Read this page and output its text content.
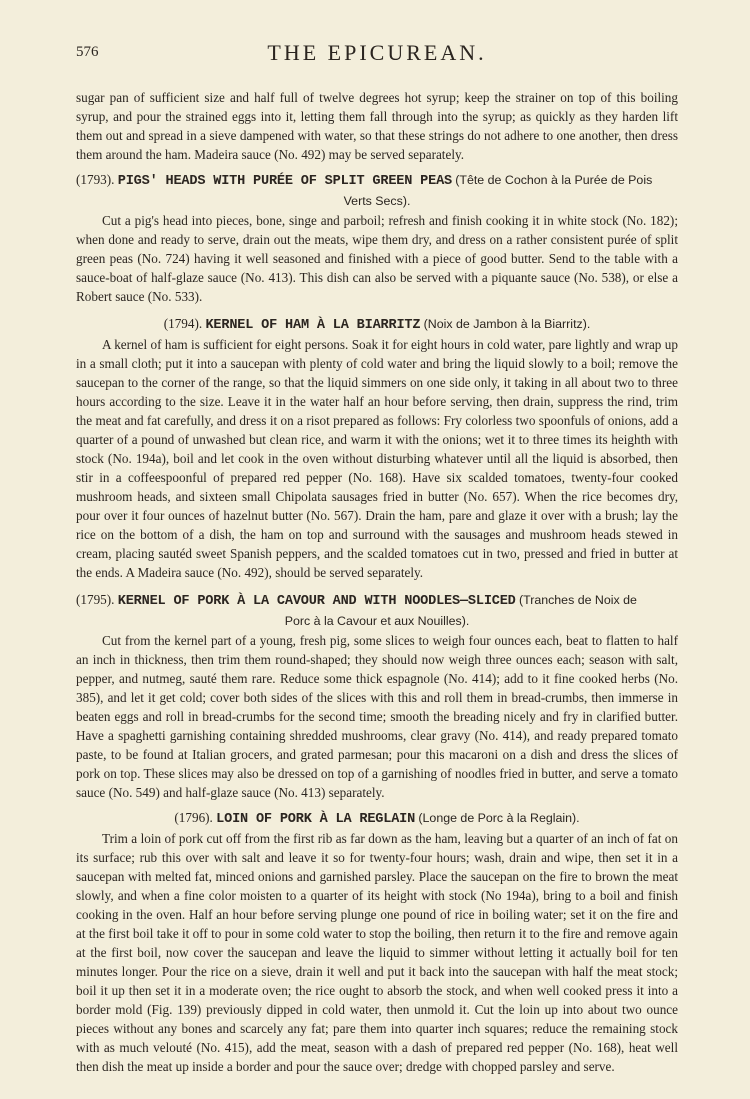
576	THE EPICUREAN.

sugar pan of sufficient size and half full of twelve degrees hot syrup; keep the strainer on top of this boiling syrup, and pour the strained eggs into it, letting them fall through into the syrup; as quickly as they harden lift them out and spread in a sieve dampened with water, so that these strings do not adhere to one another, then dress them around the ham. Madeira sauce (No. 492) may be served separately.

(1793). PIGS' HEADS WITH PURÉE OF SPLIT GREEN PEAS (Tête de Cochon à la Purée de Pois
Verts Secs).

Cut a pig's head into pieces, bone, singe and parboil; refresh and finish cooking it in white stock (No. 182); when done and ready to serve, drain out the meats, wipe them dry, and dress on a rather consistent purée of split green peas (No. 724) having it well seasoned and finished with a piece of good butter. Send to the table with a sauce-boat of half-glaze sauce (No. 413). This dish can also be served with a piquante sauce (No. 538), or else a Robert sauce (No. 533).

(1794). KERNEL OF HAM À LA BIARRITZ (Noix de Jambon à la Biarritz).

A kernel of ham is sufficient for eight persons. Soak it for eight hours in cold water, pare lightly and wrap up in a small cloth; put it into a saucepan with plenty of cold water and bring the liquid slowly to a boil; remove the saucepan to the corner of the range, so that the liquid simmers on one side only, it taking in all about two to three hours according to the size. Leave it in the water half an hour before serving, then drain, suppress the rind, trim the meat and fat carefully, and dress it on a risot prepared as follows: Fry colorless two spoonfuls of onions, add a quarter of a pound of unwashed but clean rice, and warm it with the onions; wet it to three times its heighth with stock (No. 194a), boil and let cook in the oven without disturbing whatever until all the liquid is absorbed, then stir in a coffeespoonful of prepared red pepper (No. 168). Have six scalded tomatoes, twenty-four cooked mushroom heads, and sixteen small Chipolata sausages fried in butter (No. 657). When the rice becomes dry, pour over it four ounces of hazelnut butter (No. 567). Drain the ham, pare and glaze it over with a brush; lay the rice on the bottom of a dish, the ham on top and surround with the sausages and mushroom heads stewed in cream, placing sautéd sweet Spanish peppers, and the scalded tomatoes cut in two, pressed and fried in butter at the ends. A Madeira sauce (No. 492), should be served separately.

(1795). KERNEL OF PORK À LA CAVOUR AND WITH NOODLES—SLICED (Tranches de Noix de
Porc à la Cavour et aux Nouilles).

Cut from the kernel part of a young, fresh pig, some slices to weigh four ounces each, beat to flatten to half an inch in thickness, then trim them round-shaped; they should now weigh three ounces each; season with salt, pepper, and nutmeg, sauté them rare. Reduce some thick espagnole (No. 414); add to it fine cooked herbs (No. 385), and let it get cold; cover both sides of the slices with this and roll them in bread-crumbs, then immerse in beaten eggs and roll in bread-crumbs for the second time; smooth the breading nicely and fry in clarified butter. Have a spaghetti garnishing containing shredded mushrooms, clear gravy (No. 414), and ready prepared tomato paste, to be found at Italian grocers, and grated parmesan; pour this macaroni on a dish and dress the slices of pork on top. These slices may also be dressed on top of a garnishing of noodles fried in butter, and serve a tomato sauce (No. 549) and half-glaze sauce (No. 413) separately.

(1796). LOIN OF PORK À LA REGLAIN (Longe de Porc à la Reglain).

Trim a loin of pork cut off from the first rib as far down as the ham, leaving but a quarter of an inch of fat on its surface; rub this over with salt and leave it so for twenty-four hours; wash, drain and wipe, then set it in a saucepan with melted fat, minced onions and garnished parsley. Place the saucepan on the fire to brown the meat slowly, and when a fine color moisten to a quarter of its height with stock (No 194a), bring to a boil and finish cooking in the oven. Half an hour before serving plunge one pound of rice in boiling water; set it on the fire and at the first boil take it off to pour in some cold water to stop the boiling, then return it to the fire and remove again at the first boil, now cover the saucepan and leave the liquid to simmer without letting it actually boil for ten minutes longer. Pour the rice on a sieve, drain it well and put it back into the saucepan with half the meat stock; boil it up then set it in a moderate oven; the rice ought to absorb the stock, and when well cooked press it into a border mold (Fig. 139) previously dipped in cold water, then unmold it. Cut the loin up into about two ounce pieces without any bones and scarcely any fat; pare them into quarter inch squares; reduce the remaining stock with as much velouté (No. 415), add the meat, season with a dash of prepared red pepper (No. 168), heat well then dish the meat up inside a border and pour the sauce over; dredge with chopped parsley and serve.
